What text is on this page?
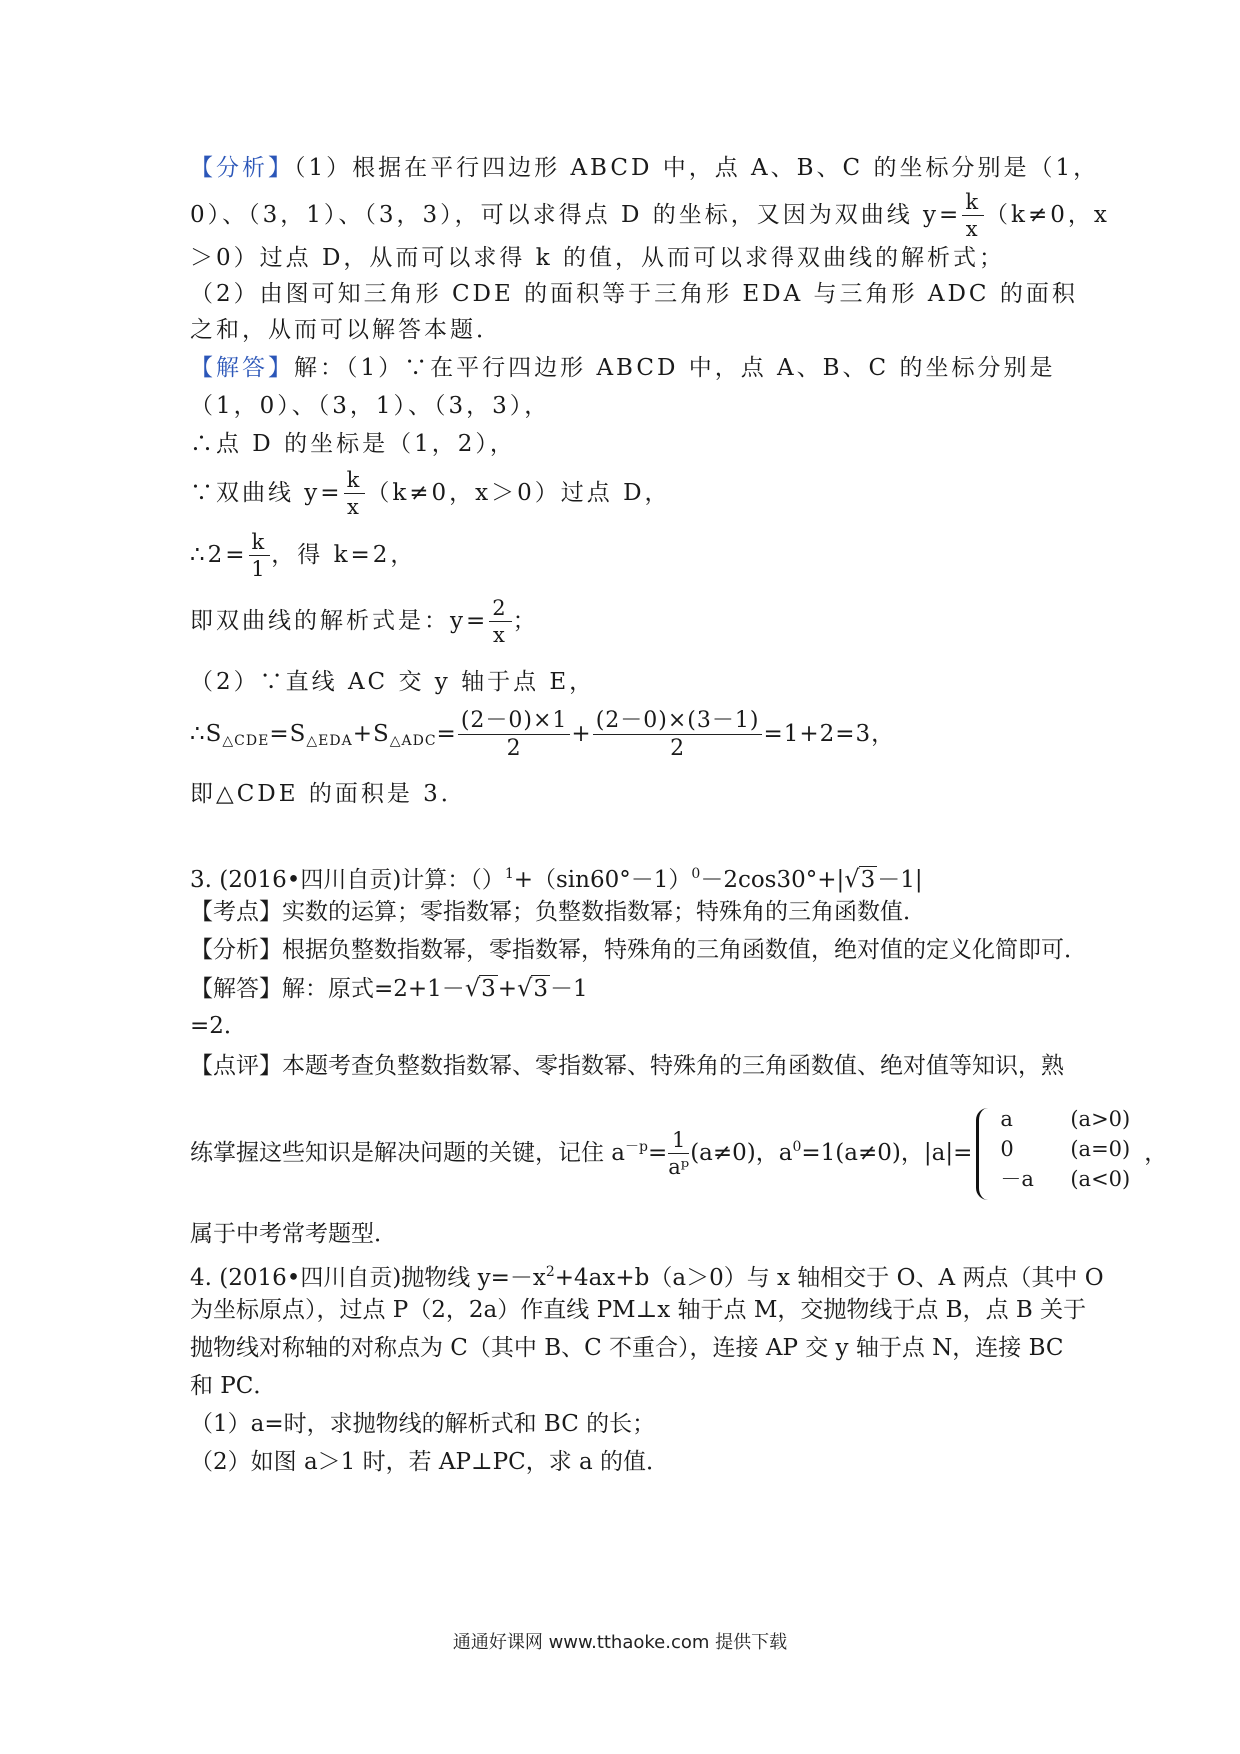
【分析】（1）根据在平行四边形 ABCD 中，点 A、B、C 的坐标分别是（1，
0）、（3，1）、（3，3），可以求得点 D 的坐标，又因为双曲线 $y= \frac{k}{x} (k\ne 0$，x
＞0）过点 D，从而可以求得 k 的值，从而可以求得双曲线的解析式；
（2）由图可知三角形 CDE 的面积等于三角形 EDA 与三角形 ADC 的面积
之和，从而可以解答本题．
【解答】解：（1）∵在平行四边形 ABCD 中，点 A、B、C 的坐标分别是
（1，0）、（3，1）、（3，3），
∴点 D 的坐标是（1，2），
∵双曲线 $y= \frac{k}{x} (k\ne 0$，x＞0）过点 D，
∴2= $\frac{k}{1}$ ，得 k=2，
即双曲线的解析式是：$y= \frac{2}{x}$ ；
（2）∵直线 AC 交 y 轴于点 E，
$\therefore S_{\triangle CDE}=S_{\triangle EDA}+S_{\triangle ADC}= \frac{(2-0)\times 1}{2} + \frac{(2-0)\times(3-1)}{2} =1+2=3$，
即△CDE 的面积是 3．
3. (2016•四川自贡)计算：$()^1+(\sin 60^\circ-1)^0-2\cos 30^\circ+|√3-1|$
【考点】实数的运算；零指数幂；负整数指数幂；特殊角的三角函数值．
【分析】根据负整数指数幂，零指数幂，特殊角的三角函数值，绝对值的定义化简即可．
【解答】解：原式=2+1－√3+√3－1
=2．
【点评】本题考查负整数指数幂、零指数幂、特殊角的三角函数值、绝对值等知识，熟
练掌握这些知识是解决问题的关键，记住 $a^{-p}= \frac{1}{\text{aᵖ}} (a\ne 0)$，$a^0=1(a\ne 0)$，|a|=
a	(a>0)
0	(a=0)
－a (a<0)
，
属于中考常考题型．
4. (2016•四川自贡)抛物线 $y=-x^2+4ax+b(a>0)$与 x 轴相交于 O、A 两点（其中 O
为坐标原点），过点 P（2，2a）作直线 PM⊥x 轴于点 M，交抛物线于点 B，点 B 关于
抛物线对称轴的对称点为 C（其中 B、C 不重合），连接 AP 交 y 轴于点 N，连接 BC
和 PC．
（1）a=时，求抛物线的解析式和 BC 的长；
（2）如图 a＞1 时，若 AP⊥PC，求 a 的值．
通通好课网 www.tthaoke.com 提供下载
